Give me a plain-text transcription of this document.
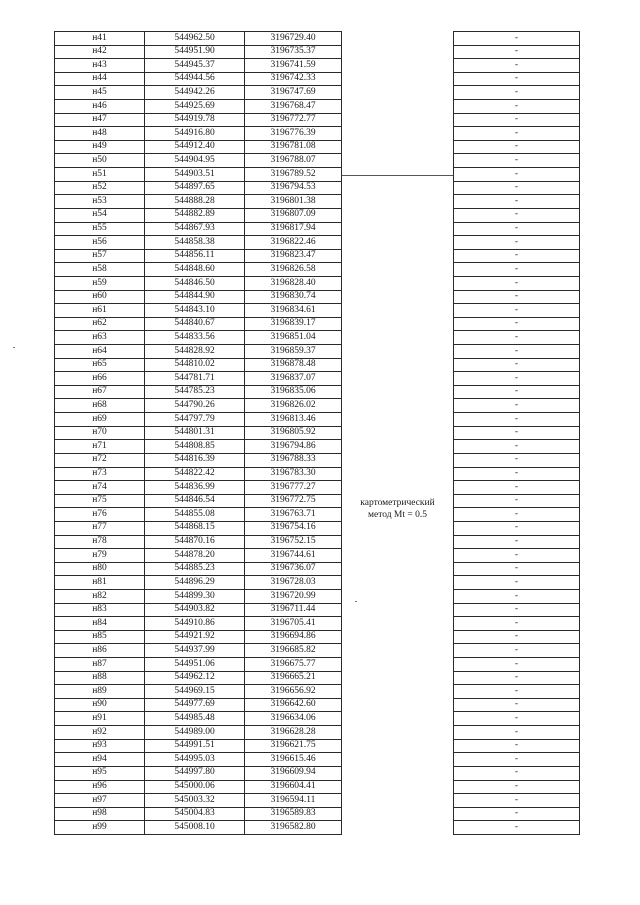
н41	544962.50	3196729.40		-
н42	544951.90	3196735.37		-
н43	544945.37	3196741.59		-
н44	544944.56	3196742.33		-
н45	544942.26	3196747.69		-
н46	544925.69	3196768.47		-
н47	544919.78	3196772.77		-
н48	544916.80	3196776.39		-
н49	544912.40	3196781.08		-
н50	544904.95	3196788.07		-
н51	544903.51	3196789.52		-
н52	544897.65	3196794.53		-
н53	544888.28	3196801.38		-
н54	544882.89	3196807.09		-
н55	544867.93	3196817.94		-
н56	544858.38	3196822.46		-
н57	544856.11	3196823.47		-
н58	544848.60	3196826.58		-
н59	544846.50	3196828.40		-
н60	544844.90	3196830.74		-
н61	544843.10	3196834.61		-
н62	544840.67	3196839.17		-
н63	544833.56	3196851.04		-
н64	544828.92	3196859.37		-
н65	544810.02	3196878.48		-
н66	544781.71	3196837.07		-
н67	544785.23	3196835.06		-
н68	544790.26	3196826.02		-
н69	544797.79	3196813.46		-
н70	544801.31	3196805.92		-
н71	544808.85	3196794.86		-
н72	544816.39	3196788.33		-
н73	544822.42	3196783.30		-
н74	544836.99	3196777.27		-
н75	544846.54	3196772.75		-
н76	544855.08	3196763.71		-
н77	544868.15	3196754.16		-
н78	544870.16	3196752.15		-
н79	544878.20	3196744.61		-
н80	544885.23	3196736.07		-
н81	544896.29	3196728.03		-
н82	544899.30	3196720.99		-
н83	544903.82	3196711.44		-
н84	544910.86	3196705.41		-
н85	544921.92	3196694.86		-
н86	544937.99	3196685.82		-
н87	544951.06	3196675.77		-
н88	544962.12	3196665.21		-
н89	544969.15	3196656.92		-
н90	544977.69	3196642.60		-
н91	544985.48	3196634.06		-
н92	544989.00	3196628.28		-
н93	544991.51	3196621.75		-
н94	544995.03	3196615.46		-
н95	544997.80	3196609.94		-
н96	545000.06	3196604.41		-
н97	545003.32	3196594.11		-
н98	545004.83	3196589.83		-
н99	545008.10	3196582.80		-
картометрический
метод Mt = 0.5
